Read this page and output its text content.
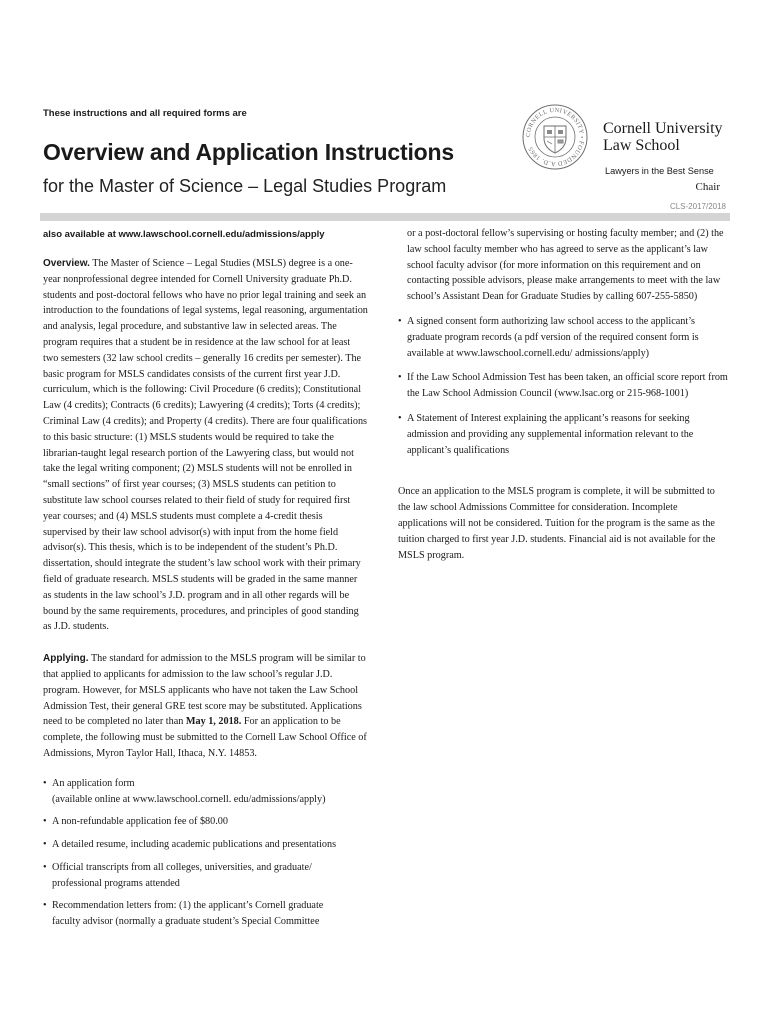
These instructions and all required forms are
Overview and Application Instructions
for the Master of Science – Legal Studies Program
CORNELL UNIVERSITY • FOUNDED A.D. 1865
Cornell University
Law School
Lawyers in the Best Sense
Chair
CLS-2017/2018
also available at www.lawschool.cornell.edu/admissions/apply

Overview. The Master of Science – Legal Studies (MSLS) degree is a one-year nonprofessional degree intended for Cornell University graduate Ph.D. students and post-doctoral fellows who have no prior legal training and seek an introduction to the foundations of legal systems, legal reasoning, argumentation and analysis, legal procedure, and substantive law in selected areas. The program requires that a student be in residence at the law school for at least two semesters (32 law school credits – generally 16 credits per semester). The basic program for MSLS candidates consists of the current first year J.D. curriculum, which is the following: Civil Procedure (6 credits); Constitutional Law (4 credits); Contracts (6 credits); Lawyering (4 credits); Torts (4 credits); Criminal Law (4 credits); and Property (4 credits). There are four qualifications to this basic structure: (1) MSLS students would be required to take the librarian-taught legal research portion of the Lawyering class, but would not take the legal writing component; (2) MSLS students will not be enrolled in “small sections” of first year courses; (3) MSLS students can petition to substitute law school courses related to their field of study for required first year courses; and (4) MSLS students must complete a 4-credit thesis supervised by their law school advisor(s) with input from the home field advisor(s). This thesis, which is to be independent of the student’s Ph.D. dissertation, should integrate the student’s law school work with their primary field of graduate research. MSLS students will be graded in the same manner as students in the law school’s J.D. program and in all other regards will be bound by the same requirements, procedures, and principles of good standing as J.D. students.

Applying. The standard for admission to the MSLS program will be similar to that applied to applicants for admission to the law school’s regular J.D. program. However, for MSLS applicants who have not taken the Law School Admission Test, their general GRE test score may be substituted. Applications need to be completed no later than May 1, 2018. For an application to be complete, the following must be submitted to the Cornell Law School Office of Admissions, Myron Taylor Hall, Ithaca, N.Y. 14853.

• An application form
(available online at www.lawschool.cornell. edu/admissions/apply)
• A non-refundable application fee of $80.00
• A detailed resume, including academic publications and presentations
• Official transcripts from all colleges, universities, and graduate/
professional programs attended
• Recommendation letters from: (1) the applicant’s Cornell graduate
faculty advisor (normally a graduate student’s Special Committee

or a post-doctoral fellow’s supervising or hosting faculty member; and (2) the law school faculty member who has agreed to serve as the applicant’s law school faculty advisor (for more information on this requirement and on contacting possible advisors, please make arrangements to meet with the law school’s Assistant Dean for Graduate Studies by calling 607-255-5850)

• A signed consent form authorizing law school access to the applicant’s graduate program records (a pdf version of the required consent form is available at www.lawschool.cornell.edu/ admissions/apply)
• If the Law School Admission Test has been taken, an official score report from the Law School Admission Council (www.lsac.org or 215-968-1001)
• A Statement of Interest explaining the applicant’s reasons for seeking admission and providing any supplemental information relevant to the applicant’s qualifications

Once an application to the MSLS program is complete, it will be submitted to the law school Admissions Committee for consideration. Incomplete applications will not be considered. Tuition for the program is the same as the tuition charged to first year J.D. students. Financial aid is not available for the MSLS program.
